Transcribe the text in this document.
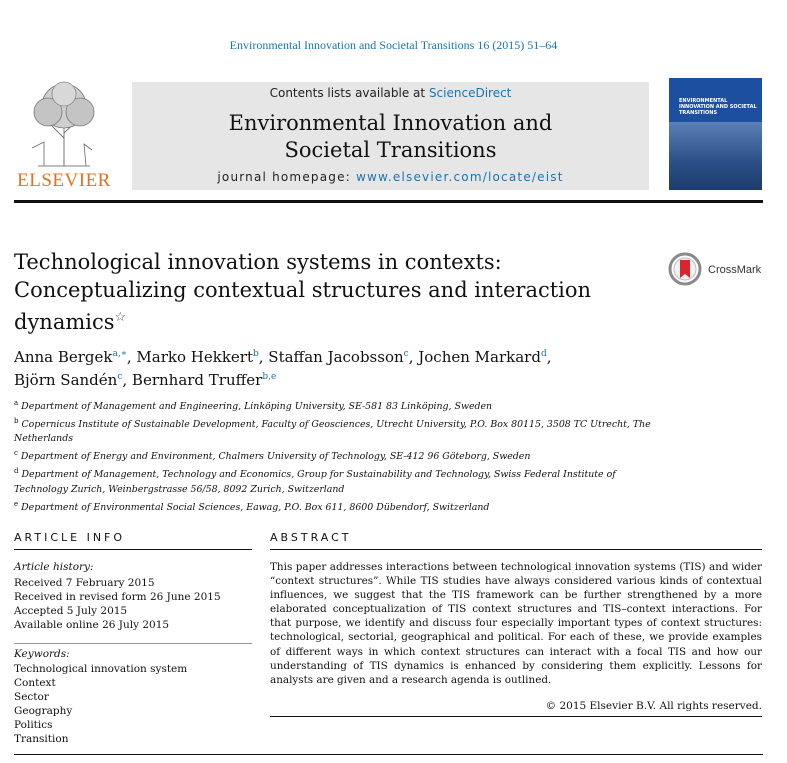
Environmental Innovation and Societal Transitions 16 (2015) 51–64
ELSEVIER
Contents lists available at ScienceDirect
Environmental Innovation and
Societal Transitions
journal homepage: www.elsevier.com/locate/eist
ENVIRONMENTAL INNOVATION AND SOCIETAL TRANSITIONS
Technological innovation systems in contexts:
Conceptualizing contextual structures and interaction
dynamics☆
CrossMark
Anna Bergek$^{a,∗}$, Marko Hekkert$^b$, Staffan Jacobsson$^c$, Jochen Markard$^d$,
Björn Sandén$^c$, Bernhard Truffer$^{b,e}$
$^a$ Department of Management and Engineering, Linköping University, SE-581 83 Linköping, Sweden
$^b$ Copernicus Institute of Sustainable Development, Faculty of Geosciences, Utrecht University, P.O. Box 80115, 3508 TC Utrecht, The Netherlands
$^c$ Department of Energy and Environment, Chalmers University of Technology, SE-412 96 Göteborg, Sweden
$^d$ Department of Management, Technology and Economics, Group for Sustainability and Technology, Swiss Federal Institute of Technology Zurich, Weinbergstrasse 56/58, 8092 Zurich, Switzerland
$^e$ Department of Environmental Social Sciences, Eawag, P.O. Box 611, 8600 Dübendorf, Switzerland
ARTICLE INFO
Article history:
Received 7 February 2015
Received in revised form 26 June 2015
Accepted 5 July 2015
Available online 26 July 2015
Keywords:
Technological innovation system
Context
Sector
Geography
Politics
Transition
ABSTRACT
This paper addresses interactions between technological innovation systems (TIS) and wider “context structures”. While TIS studies have always considered various kinds of contextual influences, we suggest that the TIS framework can be further strengthened by a more elaborated conceptualization of TIS context structures and TIS–context interactions. For that purpose, we identify and discuss four especially important types of context structures: technological, sectorial, geographical and political. For each of these, we provide examples of different ways in which context structures can interact with a focal TIS and how our understanding of TIS dynamics is enhanced by considering them explicitly. Lessons for analysts are given and a research agenda is outlined.
© 2015 Elsevier B.V. All rights reserved.
